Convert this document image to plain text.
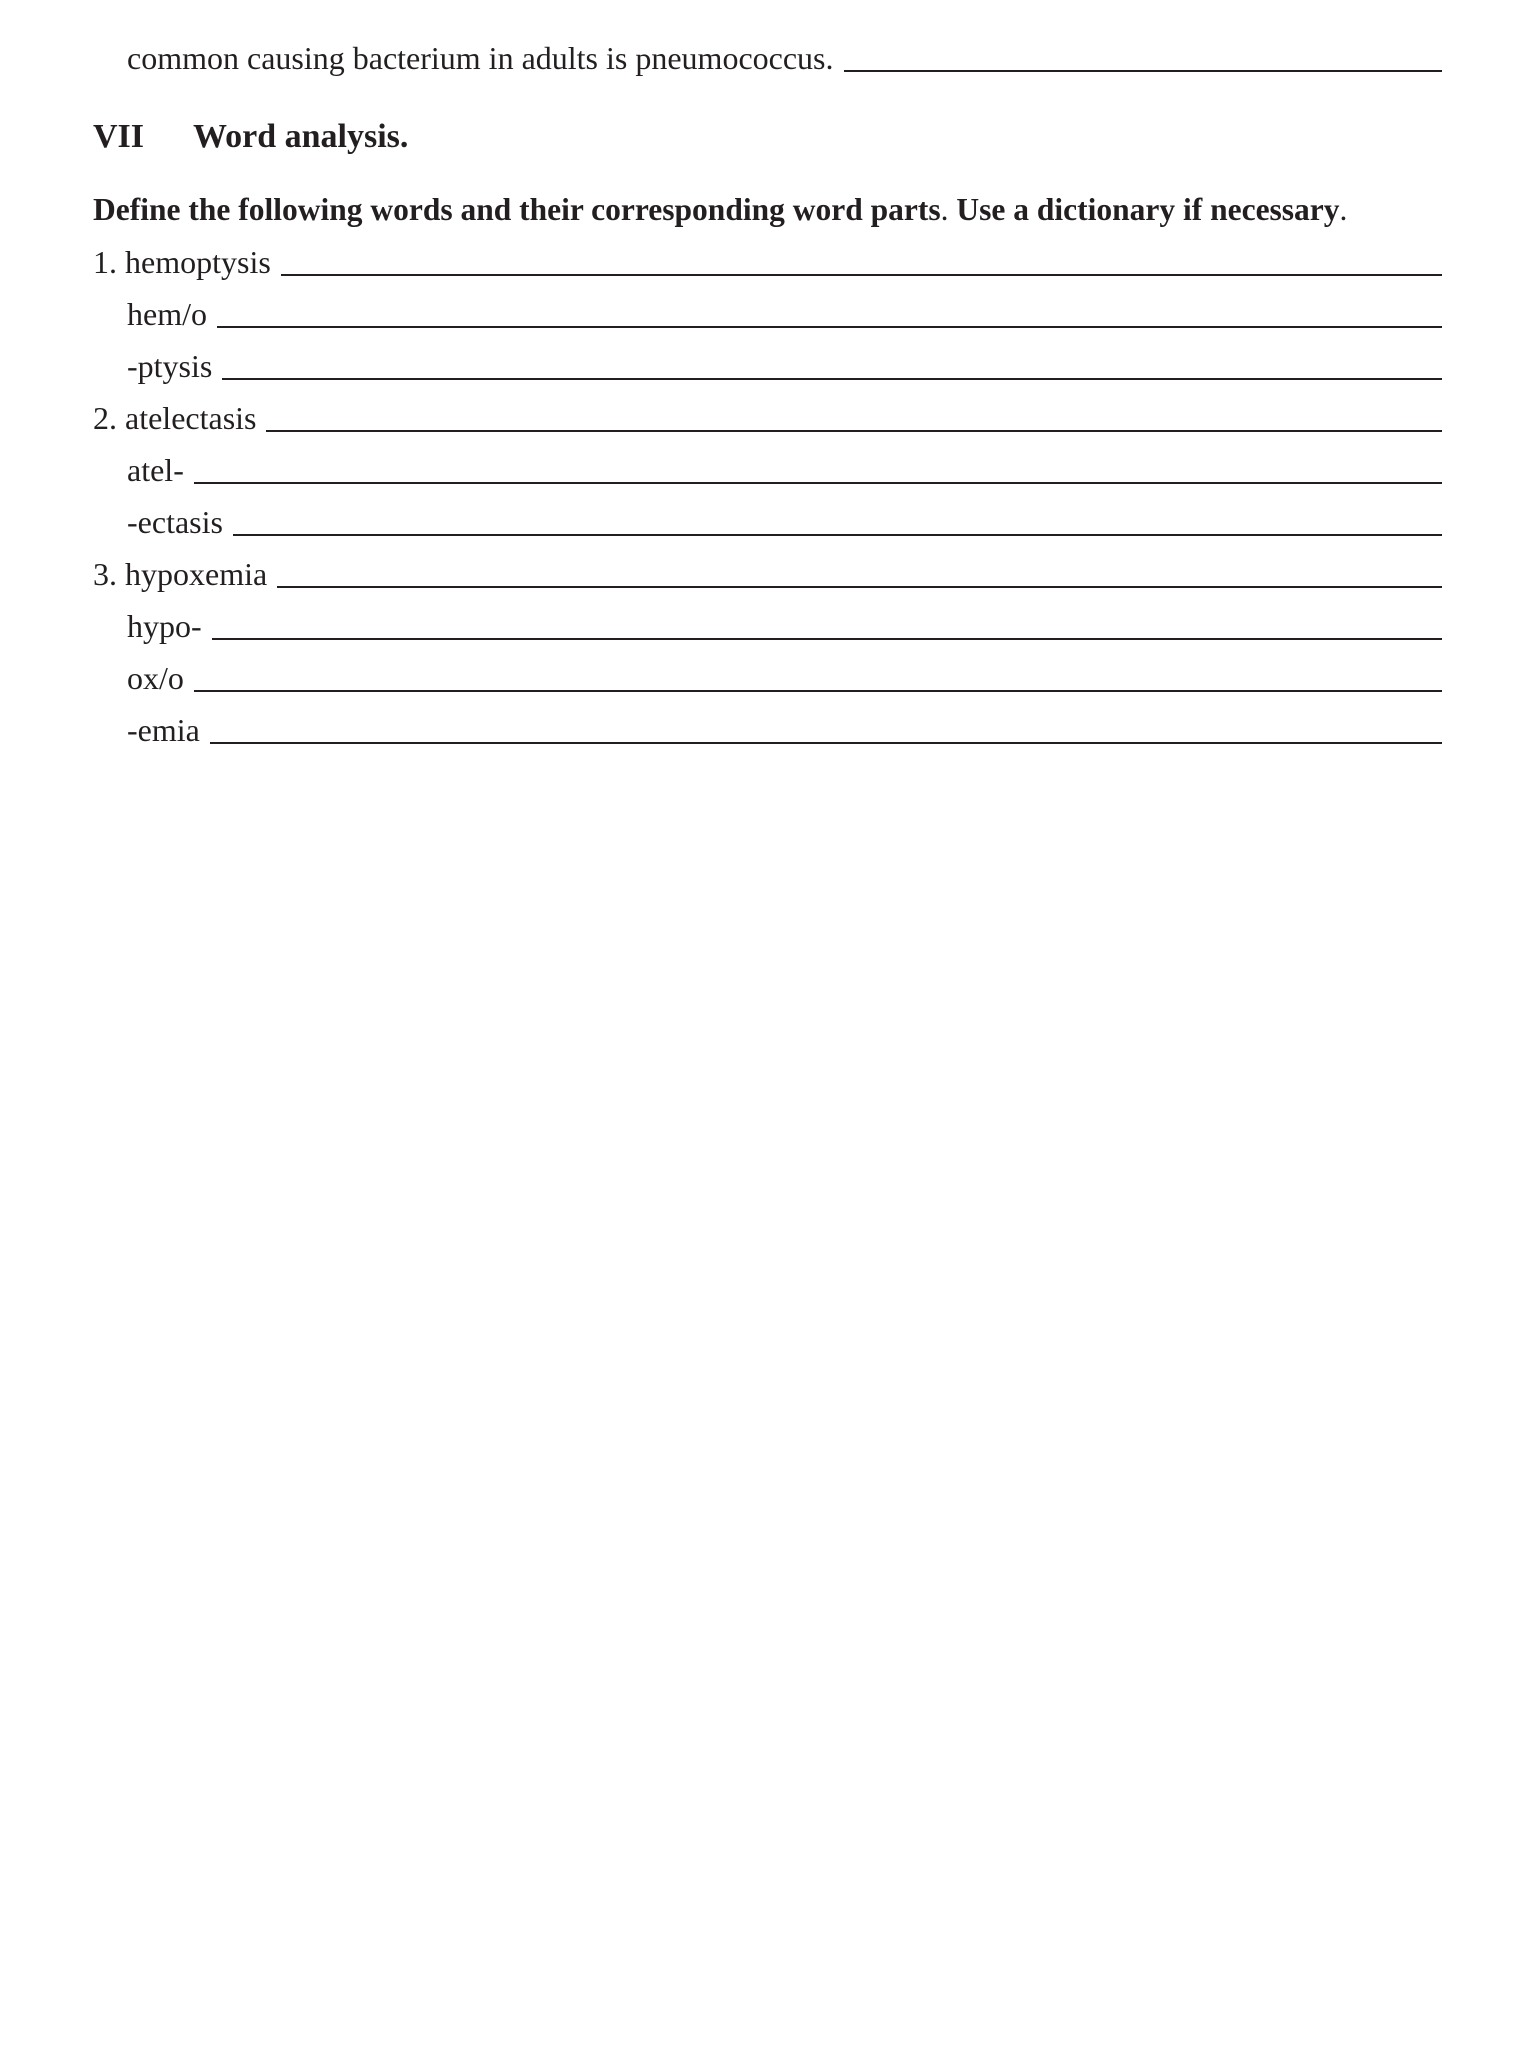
common causing bacterium in adults is pneumococcus.
VII Word analysis.
Define the following words and their corresponding word parts. Use a dictionary if necessary.
1. hemoptysis
hem/o
-ptysis
2. atelectasis
atel-
-ectasis
3. hypoxemia
hypo-
ox/o
-emia
